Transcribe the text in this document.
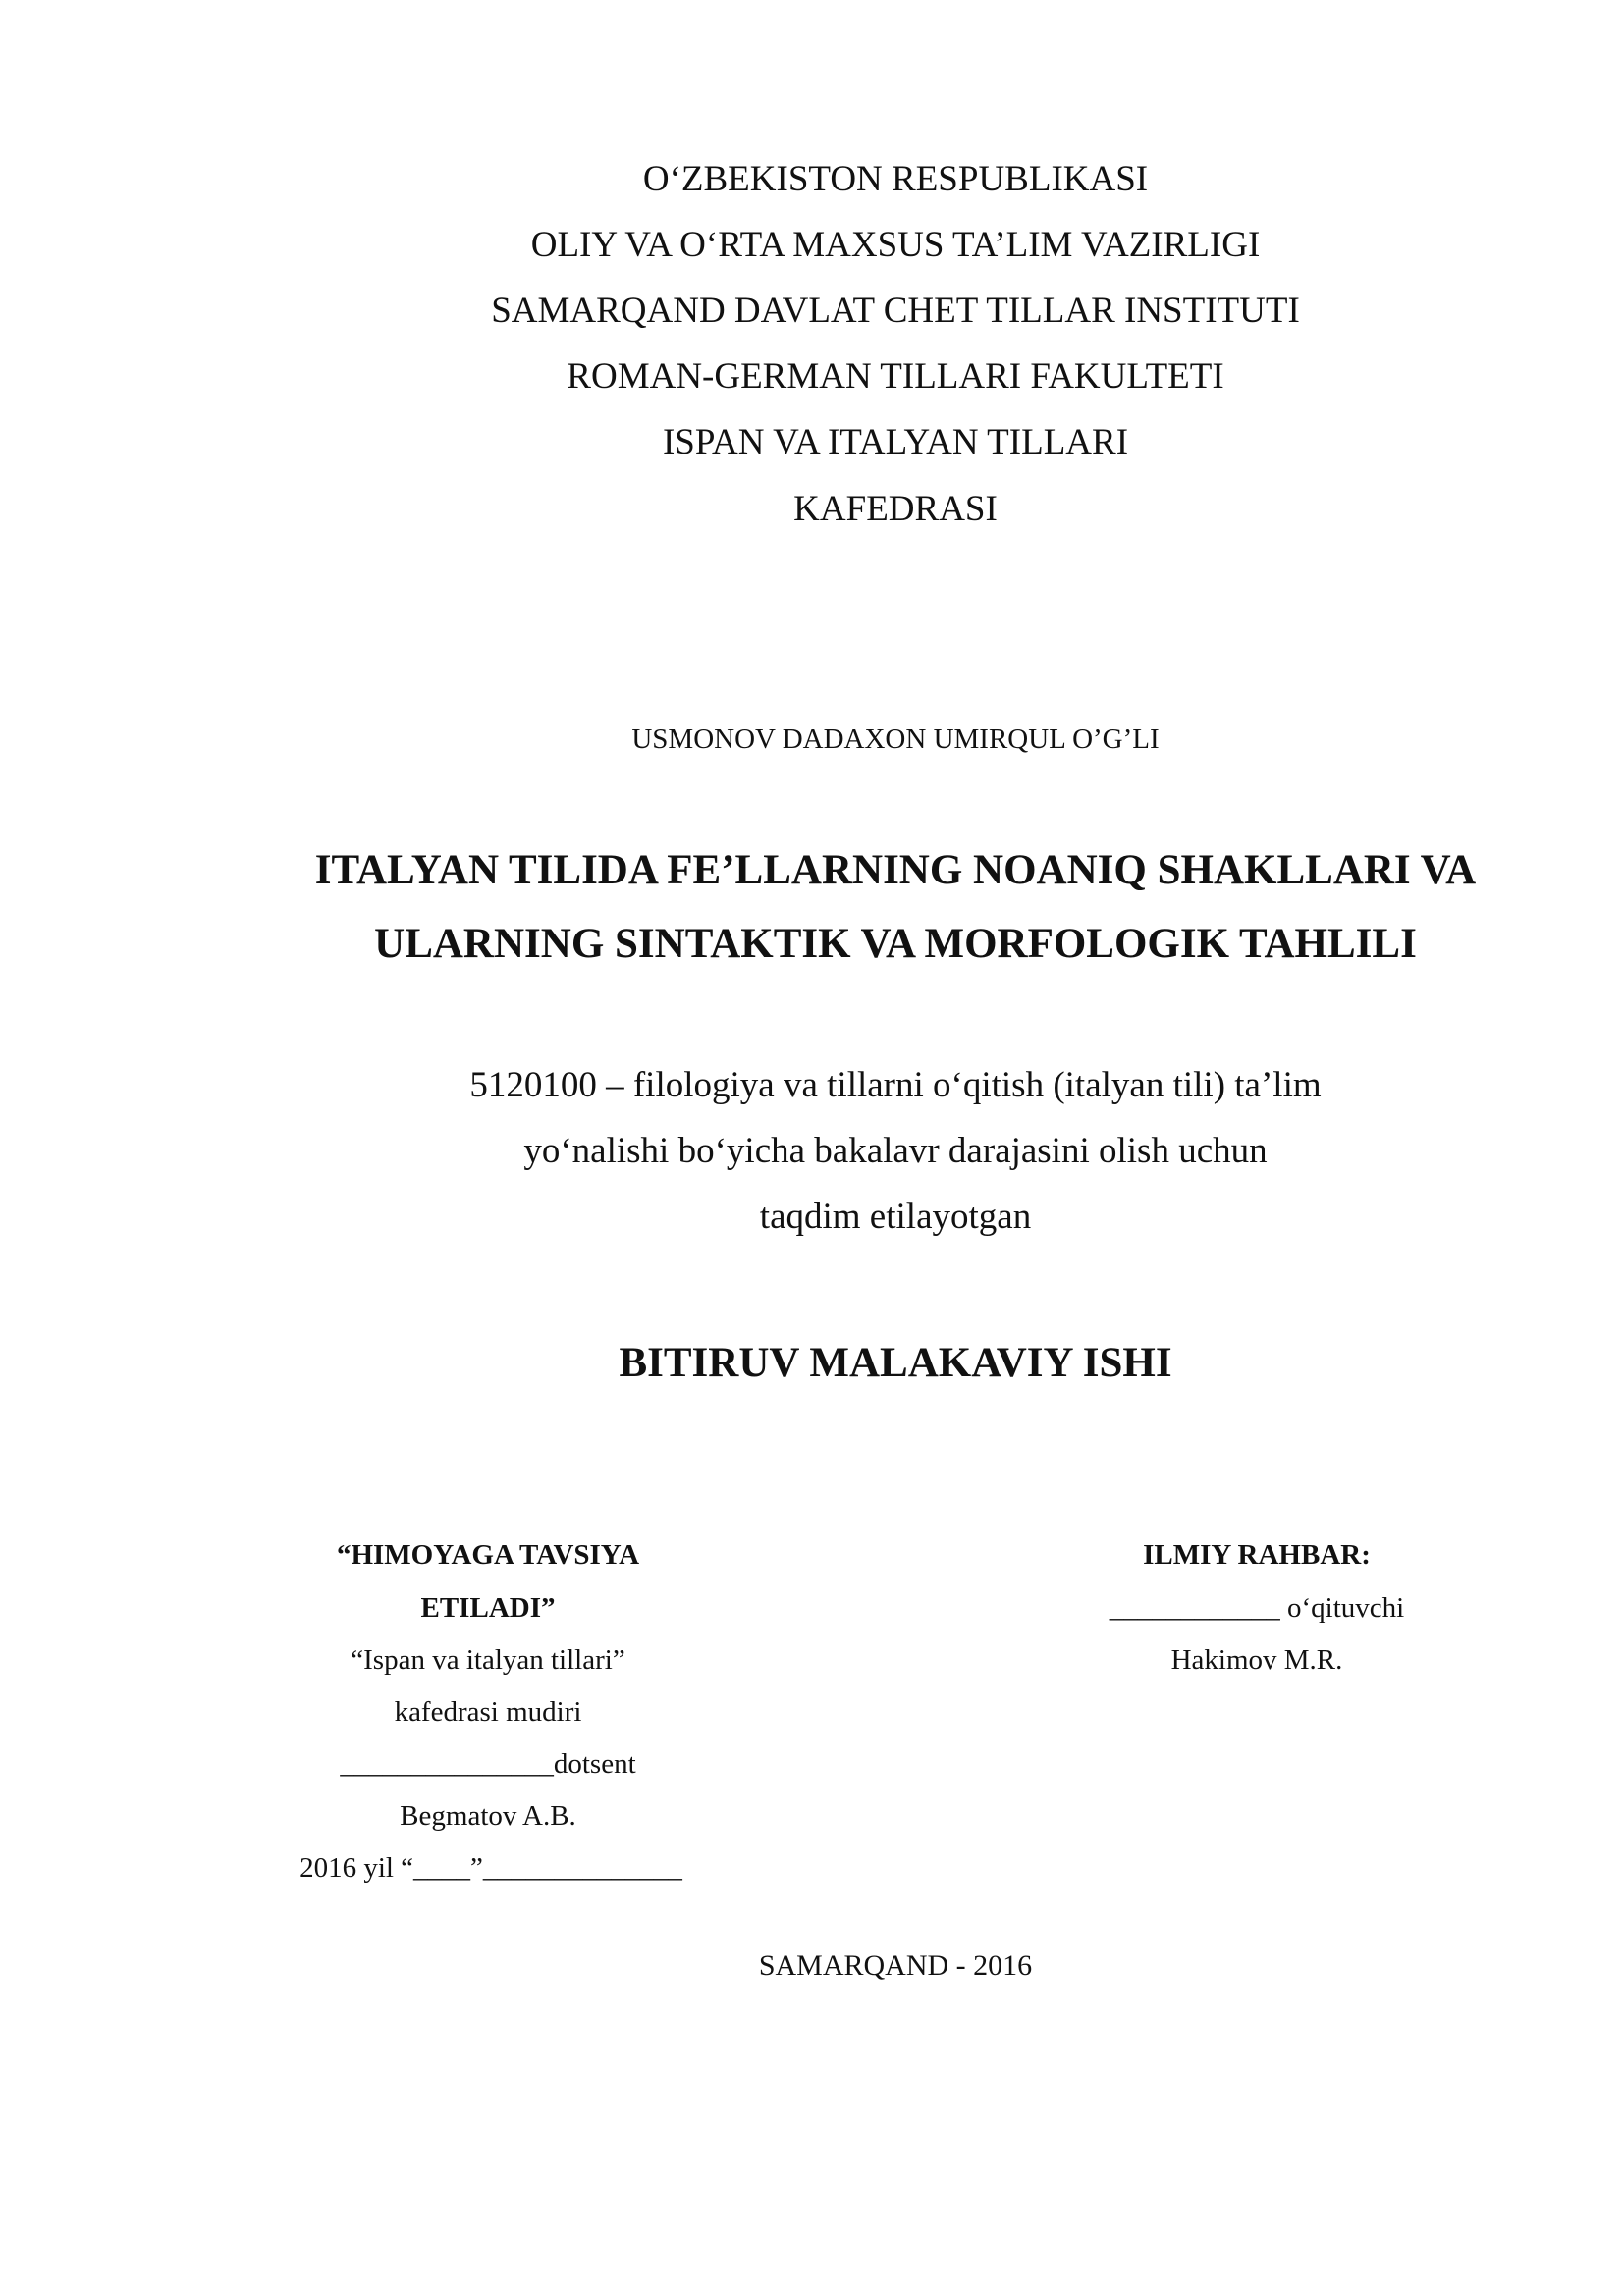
O‘ZBEKISTON RESPUBLIKASI
OLIY VA O‘RTA MAXSUS TA’LIM VAZIRLIGI
SAMARQAND DAVLAT CHET TILLAR INSTITUTI
ROMAN-GERMAN TILLARI FAKULTETI
ISPAN VA ITALYAN TILLARI
KAFEDRASI
USMONOV DADAXON UMIRQUL O’G’LI
ITALYAN TILIDA FE’LLARNING NOANIQ SHAKLLARI VA
ULARNING SINTAKTIK VA MORFOLOGIK TAHLILI
5120100 – filologiya va tillarni o‘qitish (italyan tili) ta’lim
yo‘nalishi bo‘yicha bakalavr darajasini olish uchun
taqdim etilayotgan
BITIRUV MALAKAVIY ISHI
“HIMOYAGA TAVSIYA
ETILADI”
“Ispan va italyan tillari”
kafedrasi mudiri
_______________dotsent
Begmatov A.B.
2016 yil “____”______________
ILMIY RAHBAR:
____________ o‘qituvchi
Hakimov M.R.
SAMARQAND - 2016
